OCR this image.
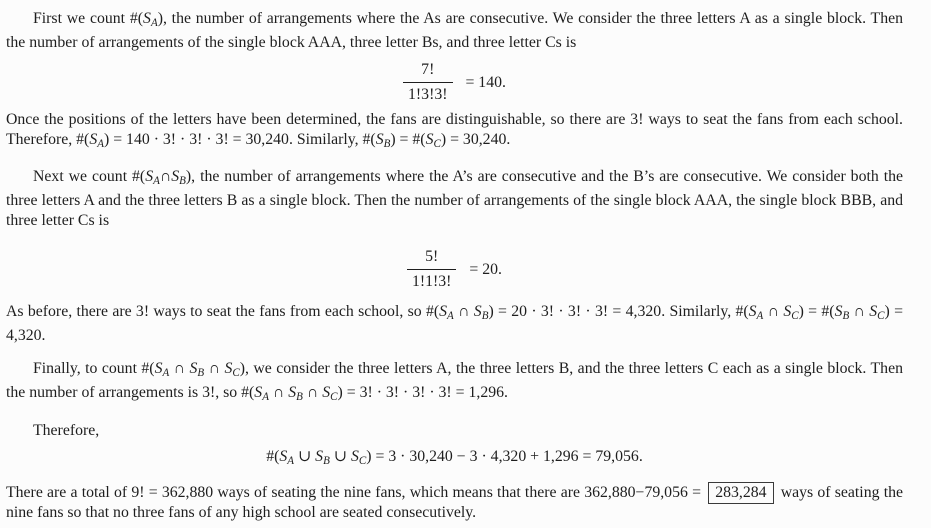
First we count $\#(S_A)$, the number of arrangements where the As are consecutive. We consider the three letters A as a single block. Then the number of arrangements of the single block AAA, three letter Bs, and three letter Cs is

$\frac{7!}{1!3!3!} = 140$.

Once the positions of the letters have been determined, the fans are distinguishable, so there are 3! ways to seat the fans from each school. Therefore, $\#(S_A) = 140 \cdot 3$! · 3! · 3! = 30,240. Similarly, $\#(S_B)$ = $\#(S_C) = 30,240$.

Next we count $\#(S_A\cap S_B)$, the number of arrangements where the A’s are consecutive and the B’s are consecutive. We consider both the three letters A and the three letters B as a single block. Then the number of arrangements of the single block AAA, the single block BBB, and three letter Cs is

$\frac{5!}{1!1!3!} = 20$.

As before, there are 3! ways to seat the fans from each school, so $\#(S_A$ ∩ $S_B) = 20 \cdot 3$! · 3! · 3! = 4,320. Similarly, $\#(S_A$ ∩ $S_C$) = $\#(S_B$ ∩ $S_C) = 4,320$.

Finally, to count $\#(S_A$ ∩ $S_B$ ∩ $S_C$), we consider the three letters A, the three letters B, and the three letters C each as a single block. Then the number of arrangements is 3!, so $\#(S_A$ ∩ $S_B$ ∩ $S_C) = 3$! · 3! · 3! · 3! = 1,296.

Therefore,

$\#(S_A$ ∪ $S_B$ ∪ $S_C) = 3 \cdot 30,240 - 3 \cdot 4,320 + 1,296 = 79,056$.

There are a total of 9! = 362,880 ways of seating the nine fans, which means that there are 362,880−79,056 = 283,284 ways of seating the nine fans so that no three fans of any high school are seated consecutively.
